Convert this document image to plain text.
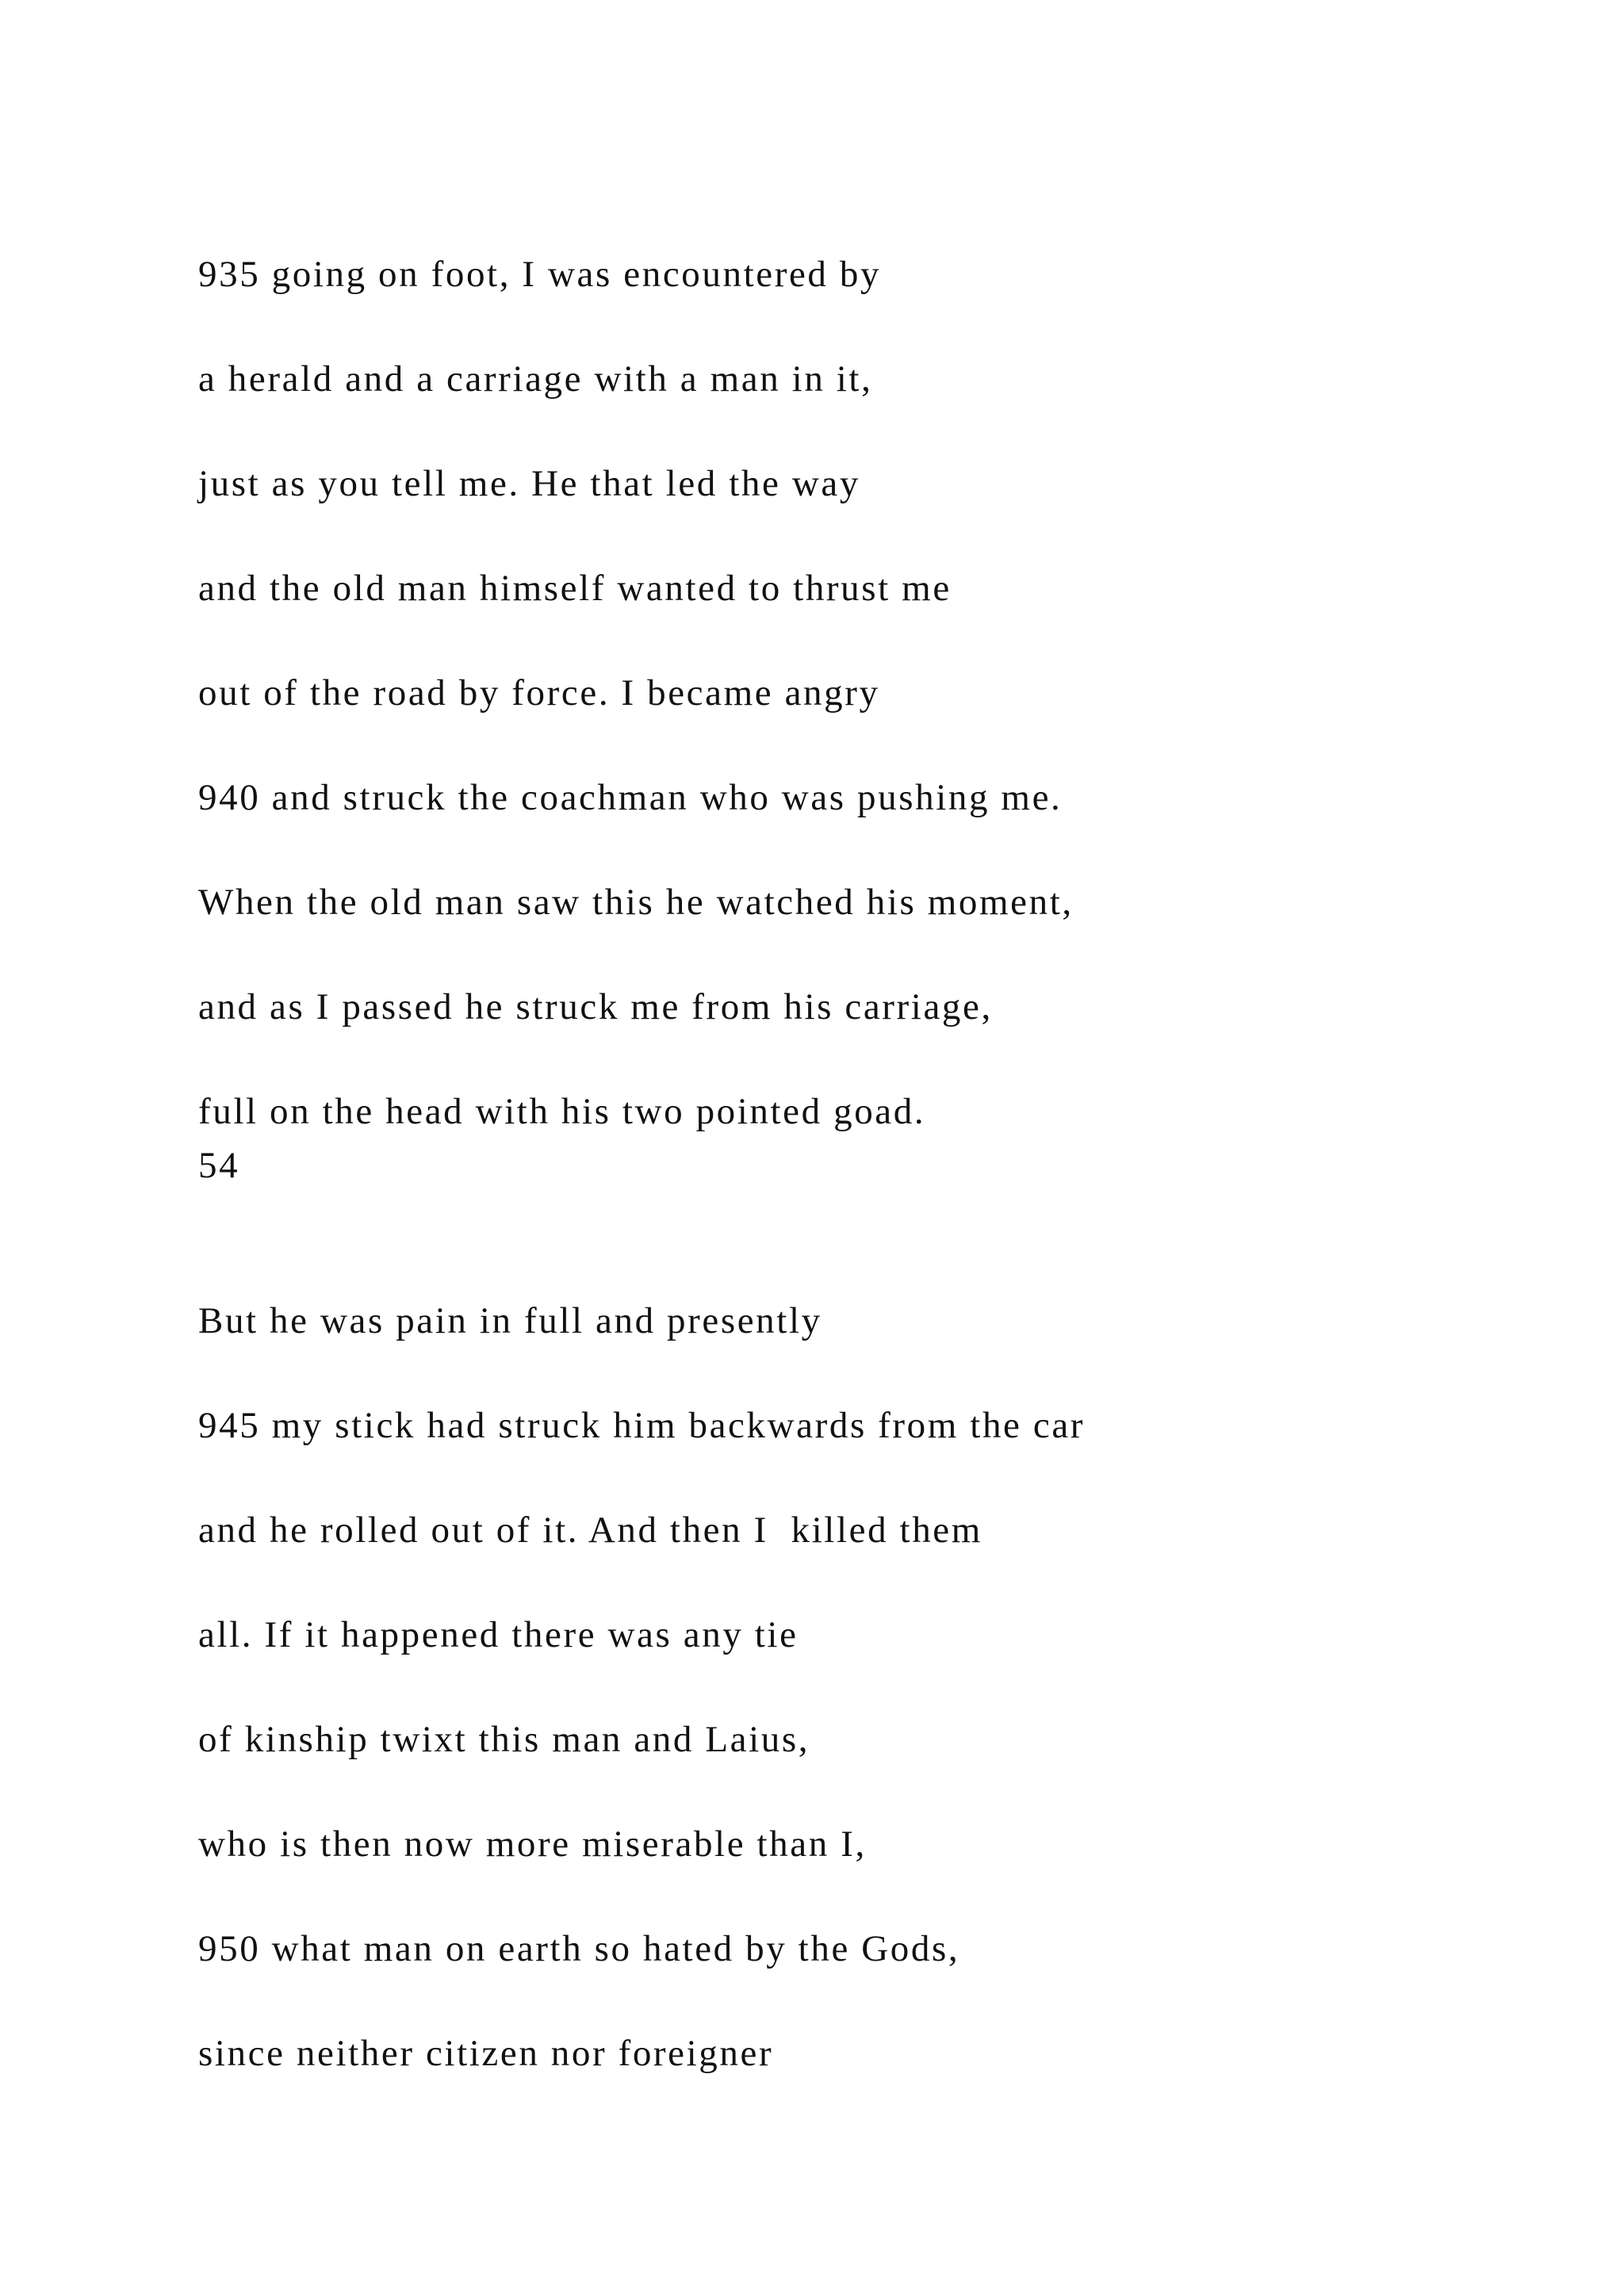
935 going on foot, I was encountered by

a herald and a carriage with a man in it,

just as you tell me. He that led the way

and the old man himself wanted to thrust me

out of the road by force. I became angry

940 and struck the coachman who was pushing me.

When the old man saw this he watched his moment,

and as I passed he struck me from his carriage,

full on the head with his two pointed goad.

54

But he was pain in full and presently

945 my stick had struck him backwards from the car

and he rolled out of it. And then I  killed them

all. If it happened there was any tie

of kinship twixt this man and Laius,

who is then now more miserable than I,

950 what man on earth so hated by the Gods,

since neither citizen nor foreigner
